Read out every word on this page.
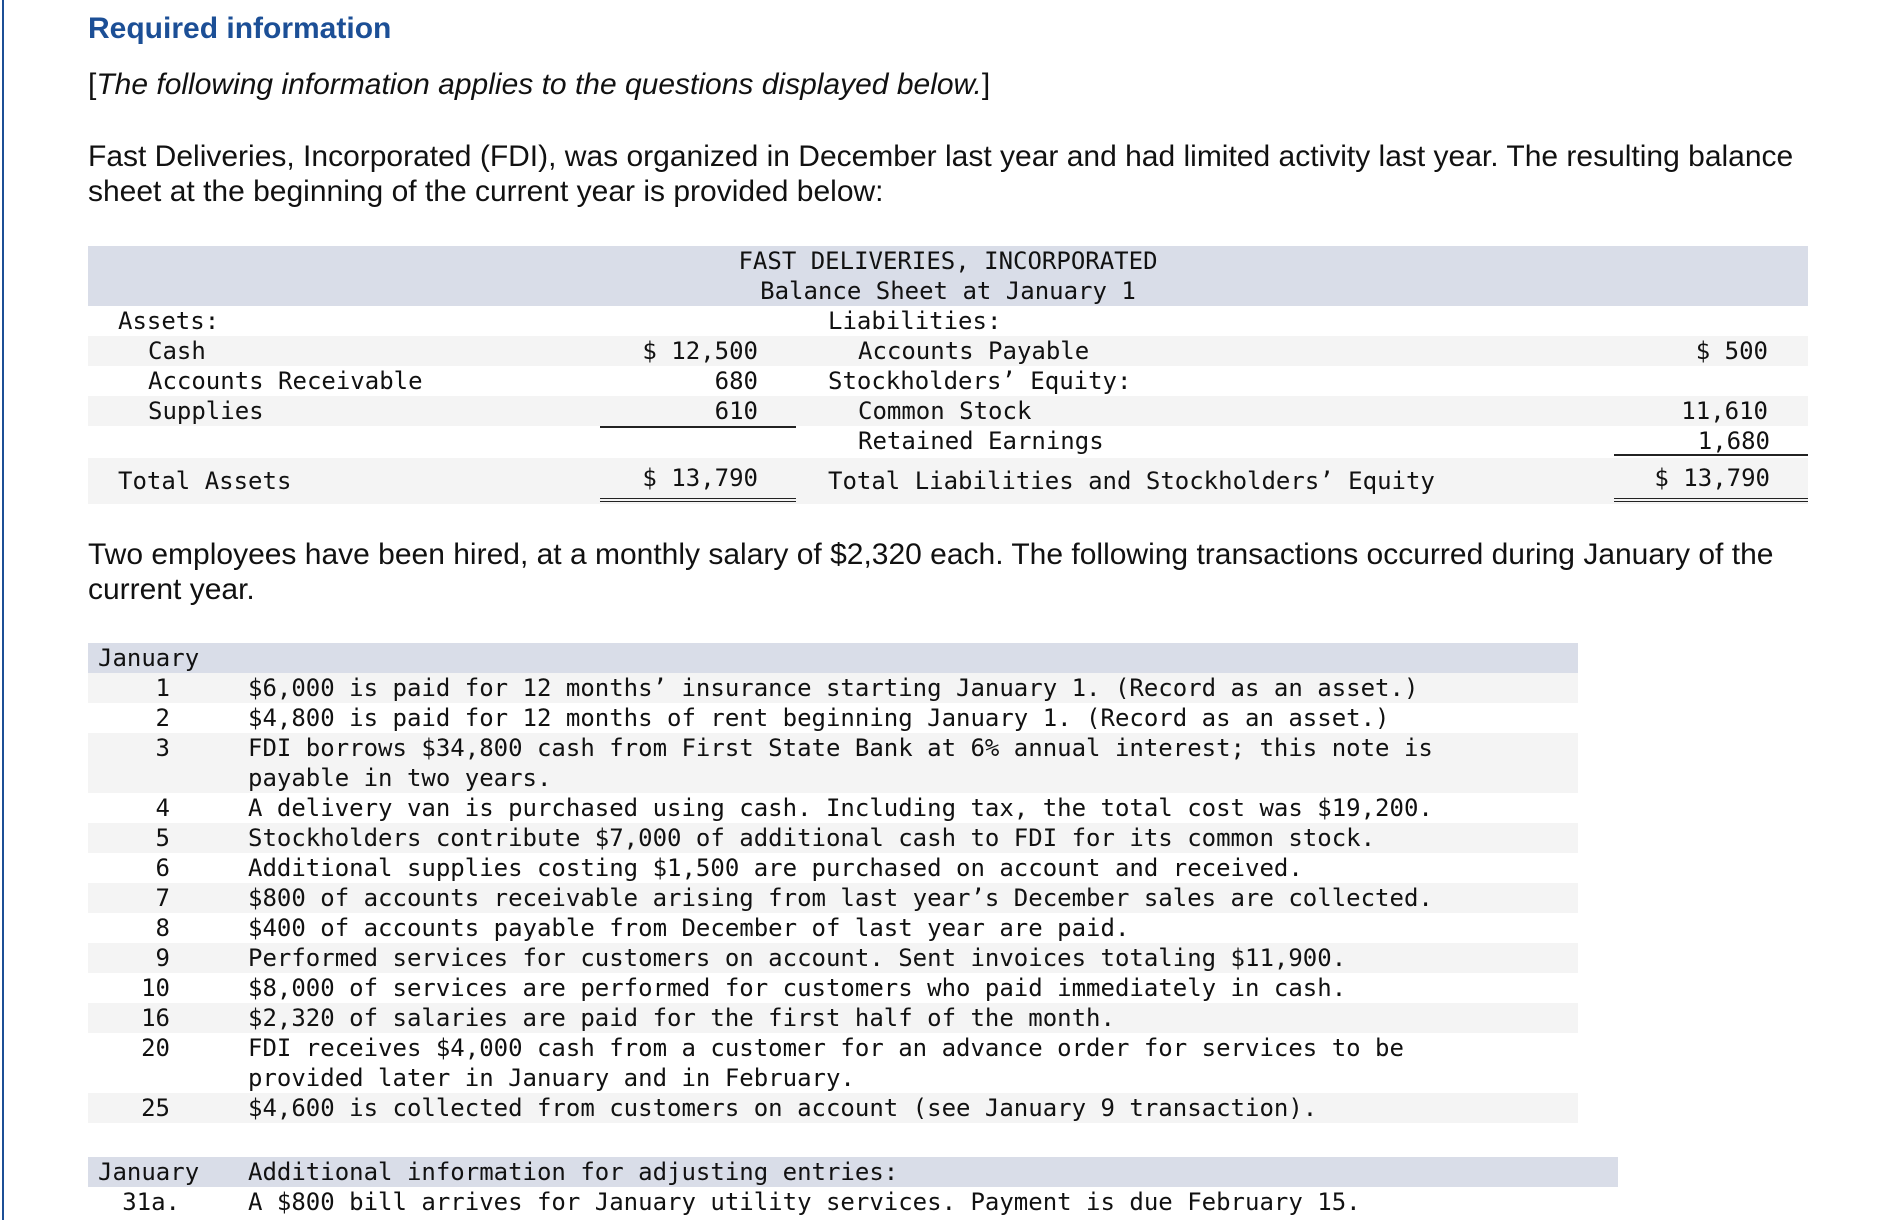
Required information
[The following information applies to the questions displayed below.]
Fast Deliveries, Incorporated (FDI), was organized in December last year and had limited activity last year. The resulting balance sheet at the beginning of the current year is provided below:
FAST DELIVERIES, INCORPORATED
Balance Sheet at January 1
Assets:	Liabilities:
Cash	$ 12,500	Accounts Payable	$ 500
Accounts Receivable	680	Stockholders’ Equity:
Supplies	610	Common Stock	11,610
Retained Earnings	1,680
Total Assets	$ 13,790	Total Liabilities and Stockholders’ Equity	$ 13,790
Two employees have been hired, at a monthly salary of $2,320 each. The following transactions occurred during January of the current year.
January
1	$6,000 is paid for 12 months’ insurance starting January 1. (Record as an asset.)
2	$4,800 is paid for 12 months of rent beginning January 1. (Record as an asset.)
3	FDI borrows $34,800 cash from First State Bank at 6% annual interest; this note is
payable in two years.
4	A delivery van is purchased using cash. Including tax, the total cost was $19,200.
5	Stockholders contribute $7,000 of additional cash to FDI for its common stock.
6	Additional supplies costing $1,500 are purchased on account and received.
7	$800 of accounts receivable arising from last year’s December sales are collected.
8	$400 of accounts payable from December of last year are paid.
9	Performed services for customers on account. Sent invoices totaling $11,900.
10	$8,000 of services are performed for customers who paid immediately in cash.
16	$2,320 of salaries are paid for the first half of the month.
20	FDI receives $4,000 cash from a customer for an advance order for services to be
provided later in January and in February.
25	$4,600 is collected from customers on account (see January 9 transaction).
January Additional information for adjusting entries:
31a.	A $800 bill arrives for January utility services. Payment is due February 15.
